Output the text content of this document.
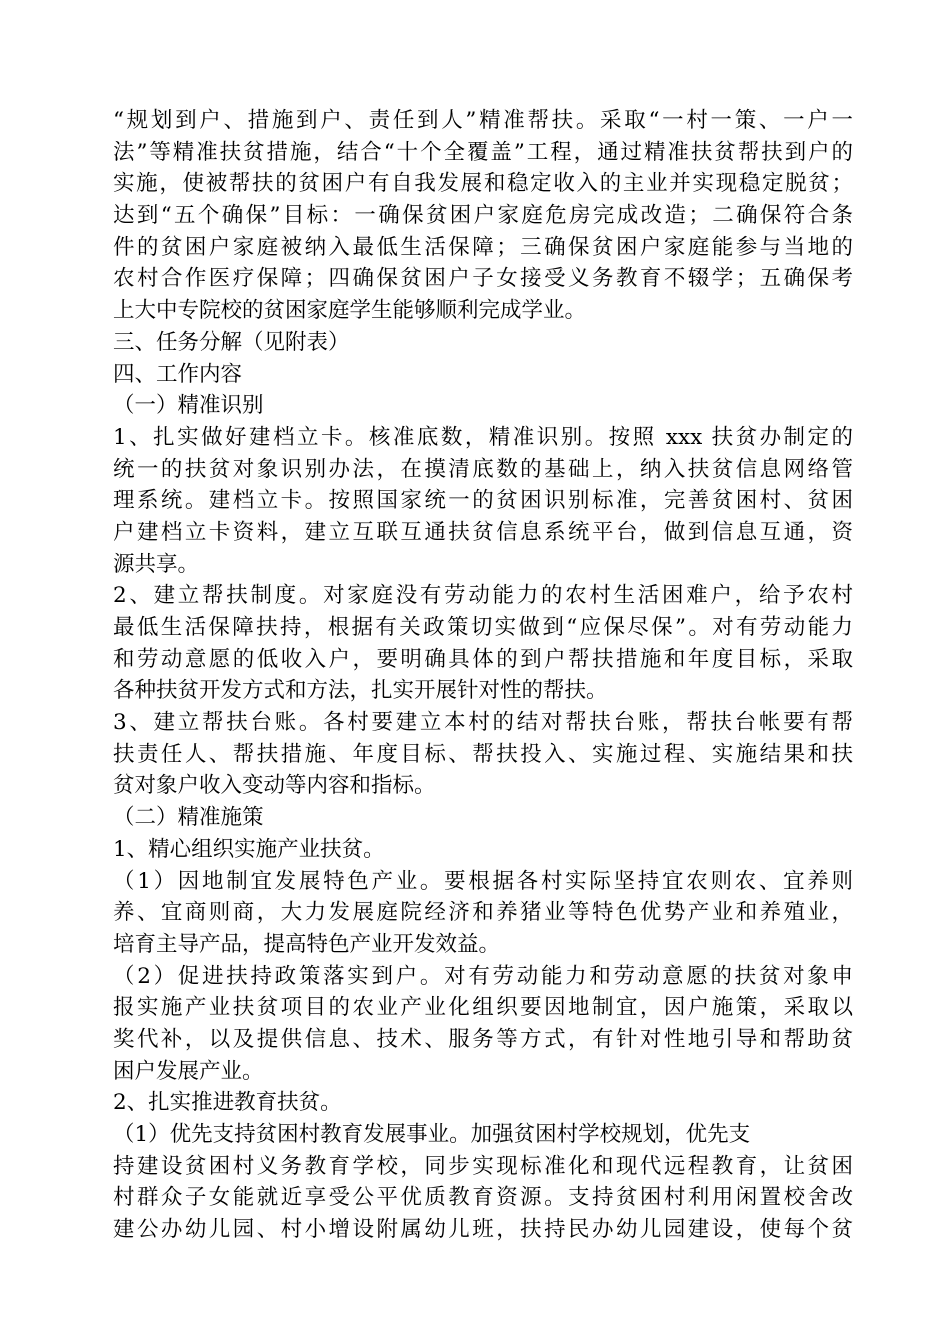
“规划到户、措施到户、责任到人”精准帮扶。采取“一村一策、一户一
法”等精准扶贫措施，结合“十个全覆盖”工程，通过精准扶贫帮扶到户的
实施，使被帮扶的贫困户有自我发展和稳定收入的主业并实现稳定脱贫；
达到“五个确保”目标：一确保贫困户家庭危房完成改造；二确保符合条
件的贫困户家庭被纳入最低生活保障；三确保贫困户家庭能参与当地的
农村合作医疗保障；四确保贫困户子女接受义务教育不辍学；五确保考
上大中专院校的贫困家庭学生能够顺利完成学业。
三、任务分解（见附表）
四、工作内容
（一）精准识别
1、扎实做好建档立卡。核准底数，精准识别。按照 xxx 扶贫办制定的
统一的扶贫对象识别办法，在摸清底数的基础上，纳入扶贫信息网络管
理系统。建档立卡。按照国家统一的贫困识别标准，完善贫困村、贫困
户建档立卡资料，建立互联互通扶贫信息系统平台，做到信息互通，资
源共享。
2、建立帮扶制度。对家庭没有劳动能力的农村生活困难户，给予农村
最低生活保障扶持，根据有关政策切实做到“应保尽保”。对有劳动能力
和劳动意愿的低收入户，要明确具体的到户帮扶措施和年度目标，采取
各种扶贫开发方式和方法，扎实开展针对性的帮扶。
3、建立帮扶台账。各村要建立本村的结对帮扶台账，帮扶台帐要有帮
扶责任人、帮扶措施、年度目标、帮扶投入、实施过程、实施结果和扶
贫对象户收入变动等内容和指标。
（二）精准施策
1、精心组织实施产业扶贫。
（1）因地制宜发展特色产业。要根据各村实际坚持宜农则农、宜养则
养、宜商则商，大力发展庭院经济和养猪业等特色优势产业和养殖业，
培育主导产品，提高特色产业开发效益。
（2）促进扶持政策落实到户。对有劳动能力和劳动意愿的扶贫对象申
报实施产业扶贫项目的农业产业化组织要因地制宜，因户施策，采取以
奖代补，以及提供信息、技术、服务等方式，有针对性地引导和帮助贫
困户发展产业。
2、扎实推进教育扶贫。
（1）优先支持贫困村教育发展事业。加强贫困村学校规划，优先支
持建设贫困村义务教育学校，同步实现标准化和现代远程教育，让贫困
村群众子女能就近享受公平优质教育资源。支持贫困村利用闲置校舍改
建公办幼儿园、村小增设附属幼儿班，扶持民办幼儿园建设，使每个贫
